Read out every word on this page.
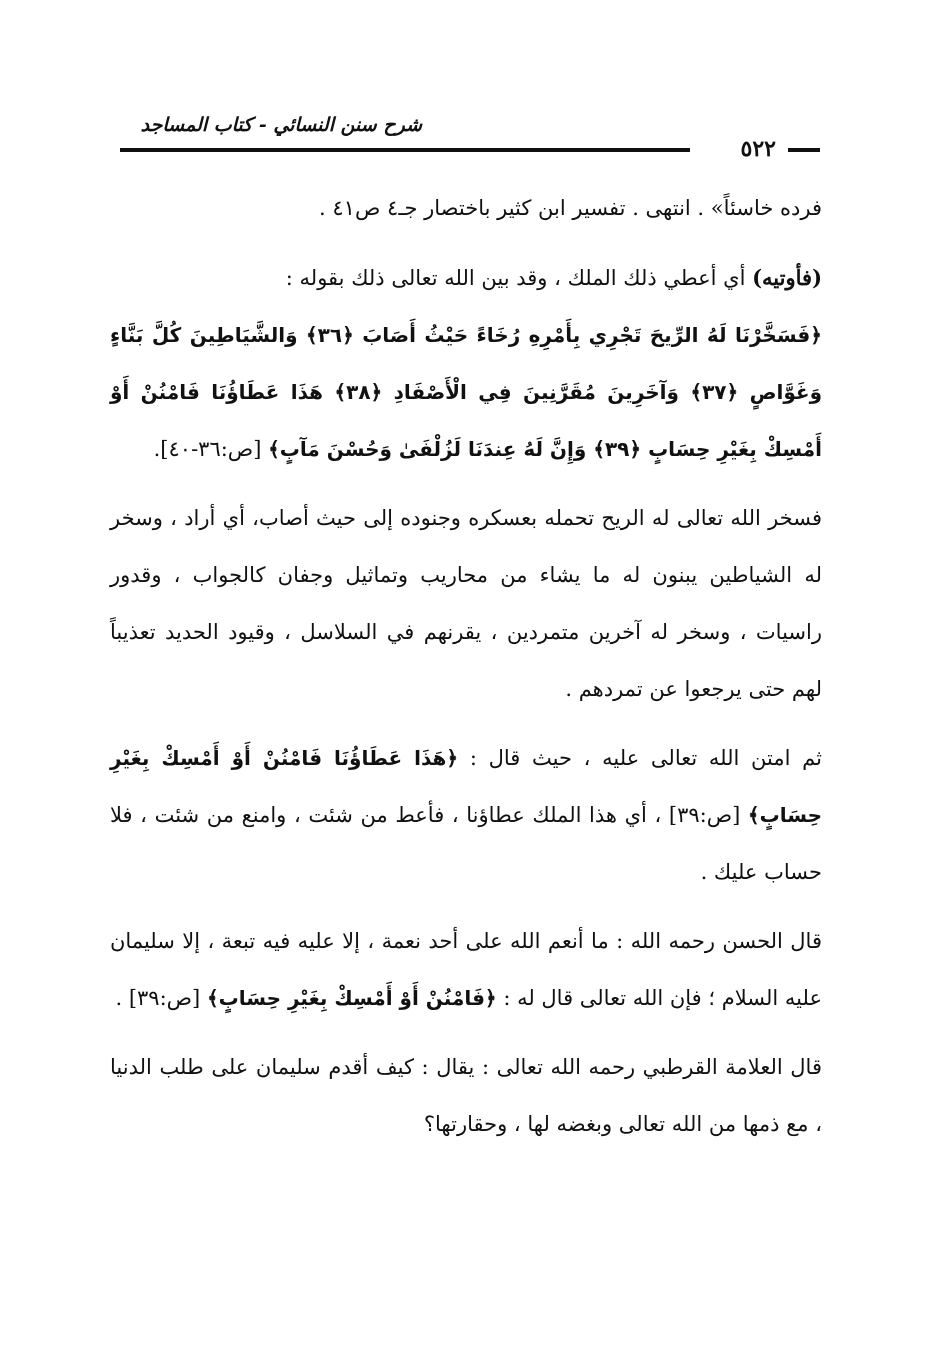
شرح سنن النسائي - كتاب المساجد
٥٢٢

فرده خاسئاً» . انتهى . تفسير ابن كثير باختصار جـ٤ ص٤١ .

(فأوتيه) أي أعطي ذلك الملك ، وقد بين الله تعالى ذلك بقوله :

﴿فَسَخَّرْنَا لَهُ الرِّيحَ تَجْرِي بِأَمْرِهِ رُخَاءً حَيْثُ أَصَابَ ﴿٣٦﴾ وَالشَّيَاطِينَ كُلَّ بَنَّاءٍ وَغَوَّاصٍ ﴿٣٧﴾ وَآخَرِينَ مُقَرَّنِينَ فِي الْأَصْفَادِ ﴿٣٨﴾ هَذَا عَطَاؤُنَا فَامْنُنْ أَوْ أَمْسِكْ بِغَيْرِ حِسَابٍ ﴿٣٩﴾ وَإِنَّ لَهُ عِندَنَا لَزُلْفَىٰ وَحُسْنَ مَآبٍ﴾ [ص:٣٦-٤٠].

فسخر الله تعالى له الريح تحمله بعسكره وجنوده إلى حيث أصاب، أي أراد ، وسخر له الشياطين يبنون له ما يشاء من محاريب وتماثيل وجفان كالجواب ، وقدور راسيات ، وسخر له آخرين متمردين ، يقرنهم في السلاسل ، وقيود الحديد تعذيباً لهم حتى يرجعوا عن تمردهم .

ثم امتن الله تعالى عليه ، حيث قال : ﴿هَذَا عَطَاؤُنَا فَامْنُنْ أَوْ أَمْسِكْ بِغَيْرِ حِسَابٍ﴾ [ص:٣٩] ، أي هذا الملك عطاؤنا ، فأعط من شئت ، وامنع من شئت ، فلا حساب عليك .

قال الحسن رحمه الله : ما أنعم الله على أحد نعمة ، إلا عليه فيه تبعة ، إلا سليمان عليه السلام ؛ فإن الله تعالى قال له : ﴿فَامْنُنْ أَوْ أَمْسِكْ بِغَيْرِ حِسَابٍ﴾ [ص:٣٩] .

قال العلامة القرطبي رحمه الله تعالى : يقال : كيف أقدم سليمان على طلب الدنيا ، مع ذمها من الله تعالى وبغضه لها ، وحقارتها؟
